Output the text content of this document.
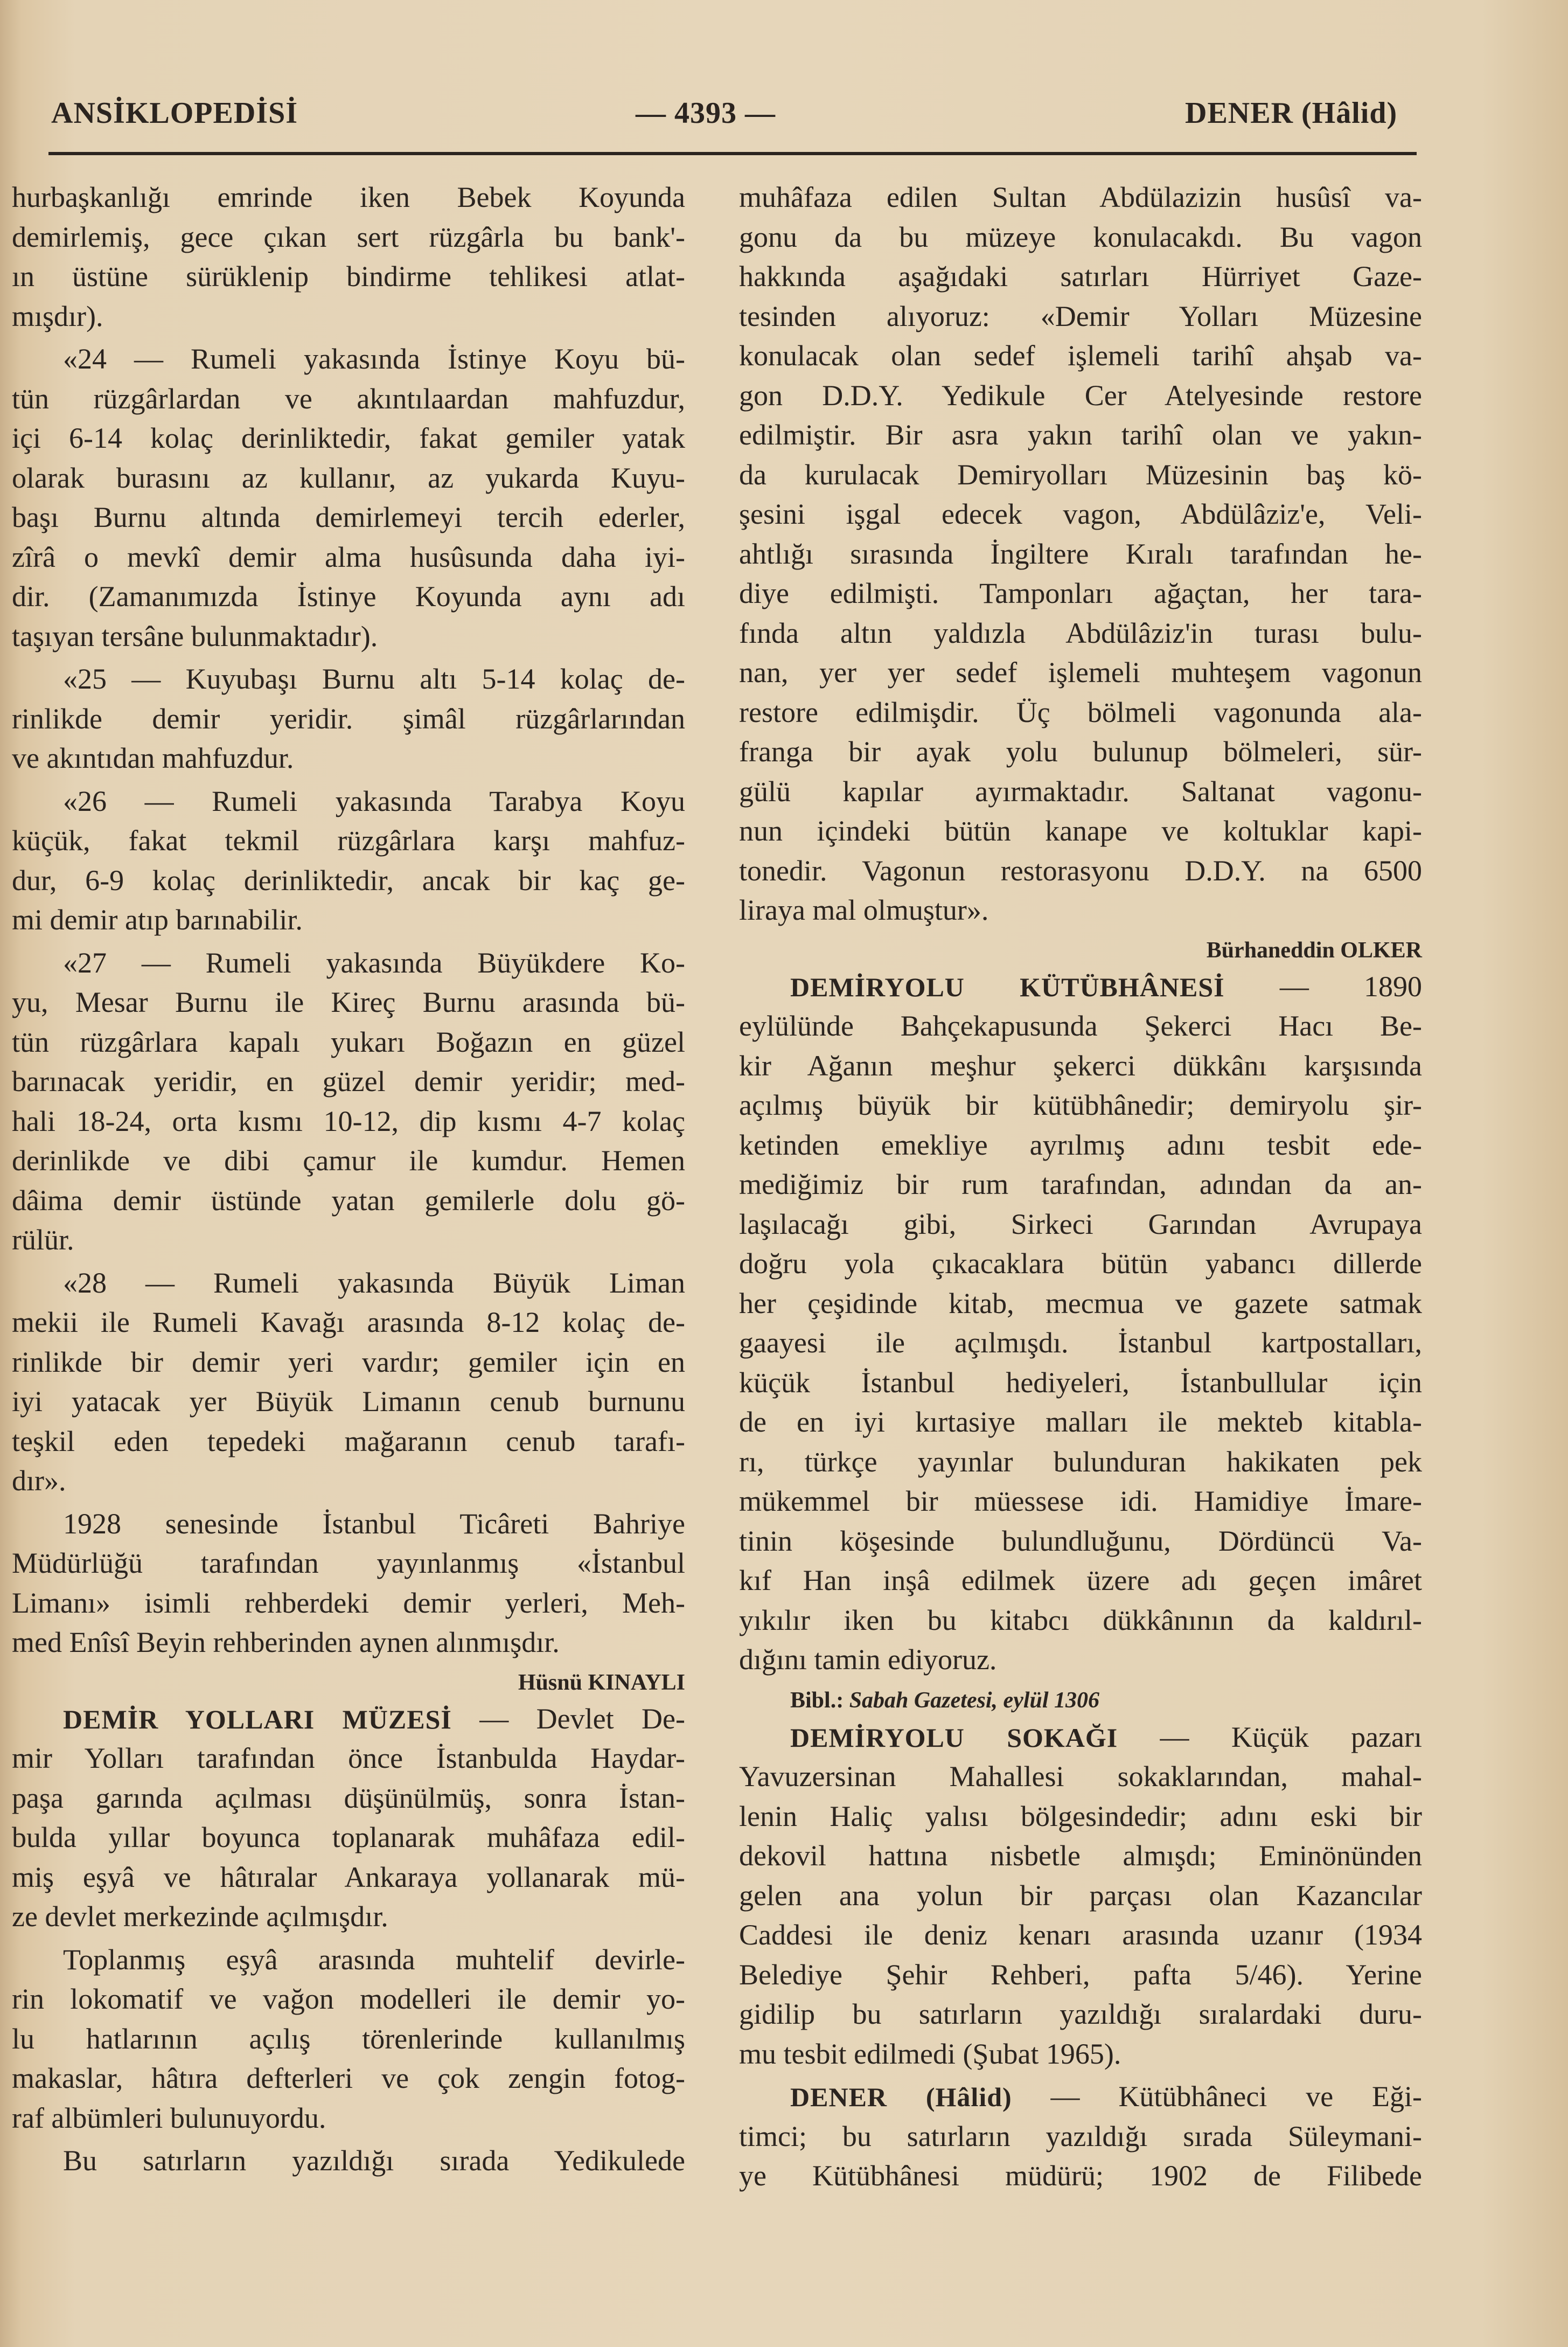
ANSİKLOPEDİSİ	— 4393 —	DENER (Hâlid)
hurbaşkanlığı emrinde iken Bebek Koyunda
demirlemiş, gece çıkan sert rüzgârla bu bank'-
ın üstüne sürüklenip bindirme tehlikesi atlat-
mışdır).
«24 — Rumeli yakasında İstinye Koyu bü-
tün rüzgârlardan ve akıntılaardan mahfuzdur,
içi 6-14 kolaç derinliktedir, fakat gemiler yatak
olarak burasını az kullanır, az yukarda Kuyu-
başı Burnu altında demirlemeyi tercih ederler,
zîrâ o mevkî demir alma husûsunda daha iyi-
dir. (Zamanımızda İstinye Koyunda aynı adı
taşıyan tersâne bulunmaktadır).
«25 — Kuyubaşı Burnu altı 5-14 kolaç de-
rinlikde demir yeridir. şimâl rüzgârlarından
ve akıntıdan mahfuzdur.
«26 — Rumeli yakasında Tarabya Koyu
küçük, fakat tekmil rüzgârlara karşı mahfuz-
dur, 6-9 kolaç derinliktedir, ancak bir kaç ge-
mi demir atıp barınabilir.
«27 — Rumeli yakasında Büyükdere Ko-
yu, Mesar Burnu ile Kireç Burnu arasında bü-
tün rüzgârlara kapalı yukarı Boğazın en güzel
barınacak yeridir, en güzel demir yeridir; med-
hali 18-24, orta kısmı 10-12, dip kısmı 4-7 kolaç
derinlikde ve dibi çamur ile kumdur. Hemen
dâima demir üstünde yatan gemilerle dolu gö-
rülür.
«28 — Rumeli yakasında Büyük Liman
mekii ile Rumeli Kavağı arasında 8-12 kolaç de-
rinlikde bir demir yeri vardır; gemiler için en
iyi yatacak yer Büyük Limanın cenub burnunu
teşkil eden tepedeki mağaranın cenub tarafı-
dır».
1928 senesinde İstanbul Ticâreti Bahriye
Müdürlüğü tarafından yayınlanmış «İstanbul
Limanı» isimli rehberdeki demir yerleri, Meh-
med Enîsî Beyin rehberinden aynen alınmışdır.
Hüsnü KINAYLI
DEMİR YOLLARI MÜZESİ — Devlet De-
mir Yolları tarafından önce İstanbulda Haydar-
paşa garında açılması düşünülmüş, sonra İstan-
bulda yıllar boyunca toplanarak muhâfaza edil-
miş eşyâ ve hâtıralar Ankaraya yollanarak mü-
ze devlet merkezinde açılmışdır.
Toplanmış eşyâ arasında muhtelif devirle-
rin lokomatif ve vağon modelleri ile demir yo-
lu hatlarının açılış törenlerinde kullanılmış
makaslar, hâtıra defterleri ve çok zengin fotog-
raf albümleri bulunuyordu.
Bu satırların yazıldığı sırada Yedikulede
muhâfaza edilen Sultan Abdülazizin husûsî va-
gonu da bu müzeye konulacakdı. Bu vagon
hakkında aşağıdaki satırları Hürriyet Gaze-
tesinden alıyoruz: «Demir Yolları Müzesine
konulacak olan sedef işlemeli tarihî ahşab va-
gon D.D.Y. Yedikule Cer Atelyesinde restore
edilmiştir. Bir asra yakın tarihî olan ve yakın-
da kurulacak Demiryolları Müzesinin baş kö-
şesini işgal edecek vagon, Abdülâziz'e, Veli-
ahtlığı sırasında İngiltere Kıralı tarafından he-
diye edilmişti. Tamponları ağaçtan, her tara-
fında altın yaldızla Abdülâziz'in turası bulu-
nan, yer yer sedef işlemeli muhteşem vagonun
restore edilmişdir. Üç bölmeli vagonunda ala-
franga bir ayak yolu bulunup bölmeleri, sür-
gülü kapılar ayırmaktadır. Saltanat vagonu-
nun içindeki bütün kanape ve koltuklar kapi-
tonedir. Vagonun restorasyonu D.D.Y. na 6500
liraya mal olmuştur».
Bürhaneddin OLKER
DEMİRYOLU KÜTÜBHÂNESİ — 1890
eylülünde Bahçekapusunda Şekerci Hacı Be-
kir Ağanın meşhur şekerci dükkânı karşısında
açılmış büyük bir kütübhânedir; demiryolu şir-
ketinden emekliye ayrılmış adını tesbit ede-
mediğimiz bir rum tarafından, adından da an-
laşılacağı gibi, Sirkeci Garından Avrupaya
doğru yola çıkacaklara bütün yabancı dillerde
her çeşidinde kitab, mecmua ve gazete satmak
gaayesi ile açılmışdı. İstanbul kartpostalları,
küçük İstanbul hediyeleri, İstanbullular için
de en iyi kırtasiye malları ile mekteb kitabla-
rı, türkçe yayınlar bulunduran hakikaten pek
mükemmel bir müessese idi. Hamidiye İmare-
tinin köşesinde bulundluğunu, Dördüncü Va-
kıf Han inşâ edilmek üzere adı geçen imâret
yıkılır iken bu kitabcı dükkânının da kaldırıl-
dığını tamin ediyoruz.
Bibl.: Sabah Gazetesi, eylül 1306
DEMİRYOLU SOKAĞI — Küçük pazarı
Yavuzersinan Mahallesi sokaklarından, mahal-
lenin Haliç yalısı bölgesindedir; adını eski bir
dekovil hattına nisbetle almışdı; Eminönünden
gelen ana yolun bir parçası olan Kazancılar
Caddesi ile deniz kenarı arasında uzanır (1934
Belediye Şehir Rehberi, pafta 5/46). Yerine
gidilip bu satırların yazıldığı sıralardaki duru-
mu tesbit edilmedi (Şubat 1965).
DENER (Hâlid) — Kütübhâneci ve Eği-
timci; bu satırların yazıldığı sırada Süleymani-
ye Kütübhânesi müdürü; 1902 de Filibede
